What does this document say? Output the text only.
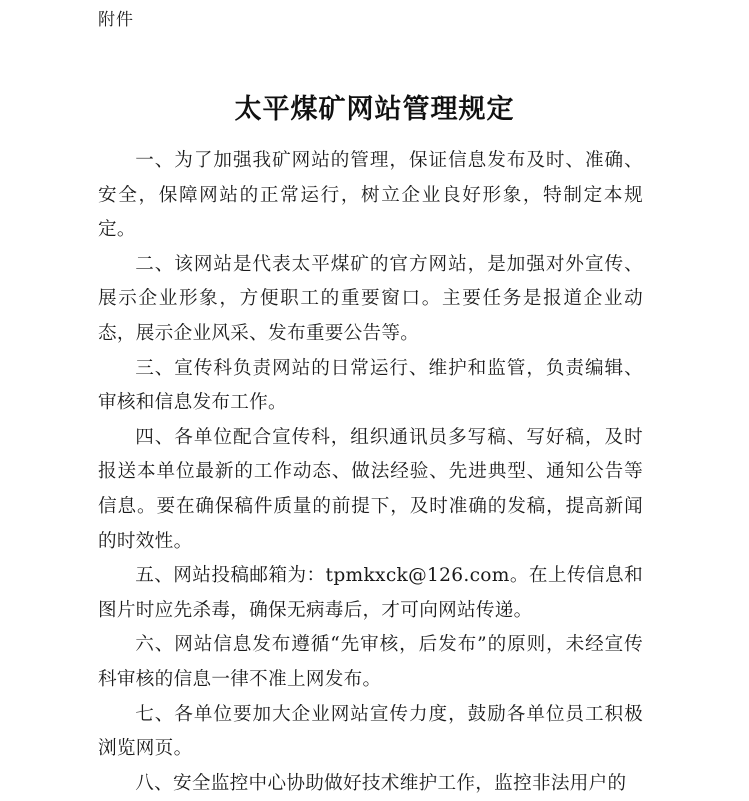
附件
太平煤矿网站管理规定

一、为了加强我矿网站的管理，保证信息发布及时、准确、安全，保障网站的正常运行，树立企业良好形象，特制定本规定。

二、该网站是代表太平煤矿的官方网站，是加强对外宣传、展示企业形象，方便职工的重要窗口。主要任务是报道企业动态，展示企业风采、发布重要公告等。

三、宣传科负责网站的日常运行、维护和监管，负责编辑、审核和信息发布工作。

四、各单位配合宣传科，组织通讯员多写稿、写好稿，及时报送本单位最新的工作动态、做法经验、先进典型、通知公告等信息。要在确保稿件质量的前提下，及时准确的发稿，提高新闻的时效性。

五、网站投稿邮箱为：tpmkxck@126.com。在上传信息和图片时应先杀毒，确保无病毒后，才可向网站传递。

六、网站信息发布遵循“先审核，后发布”的原则，未经宣传科审核的信息一律不准上网发布。

七、各单位要加大企业网站宣传力度，鼓励各单位员工积极浏览网页。

八、安全监控中心协助做好技术维护工作，监控非法用户的
